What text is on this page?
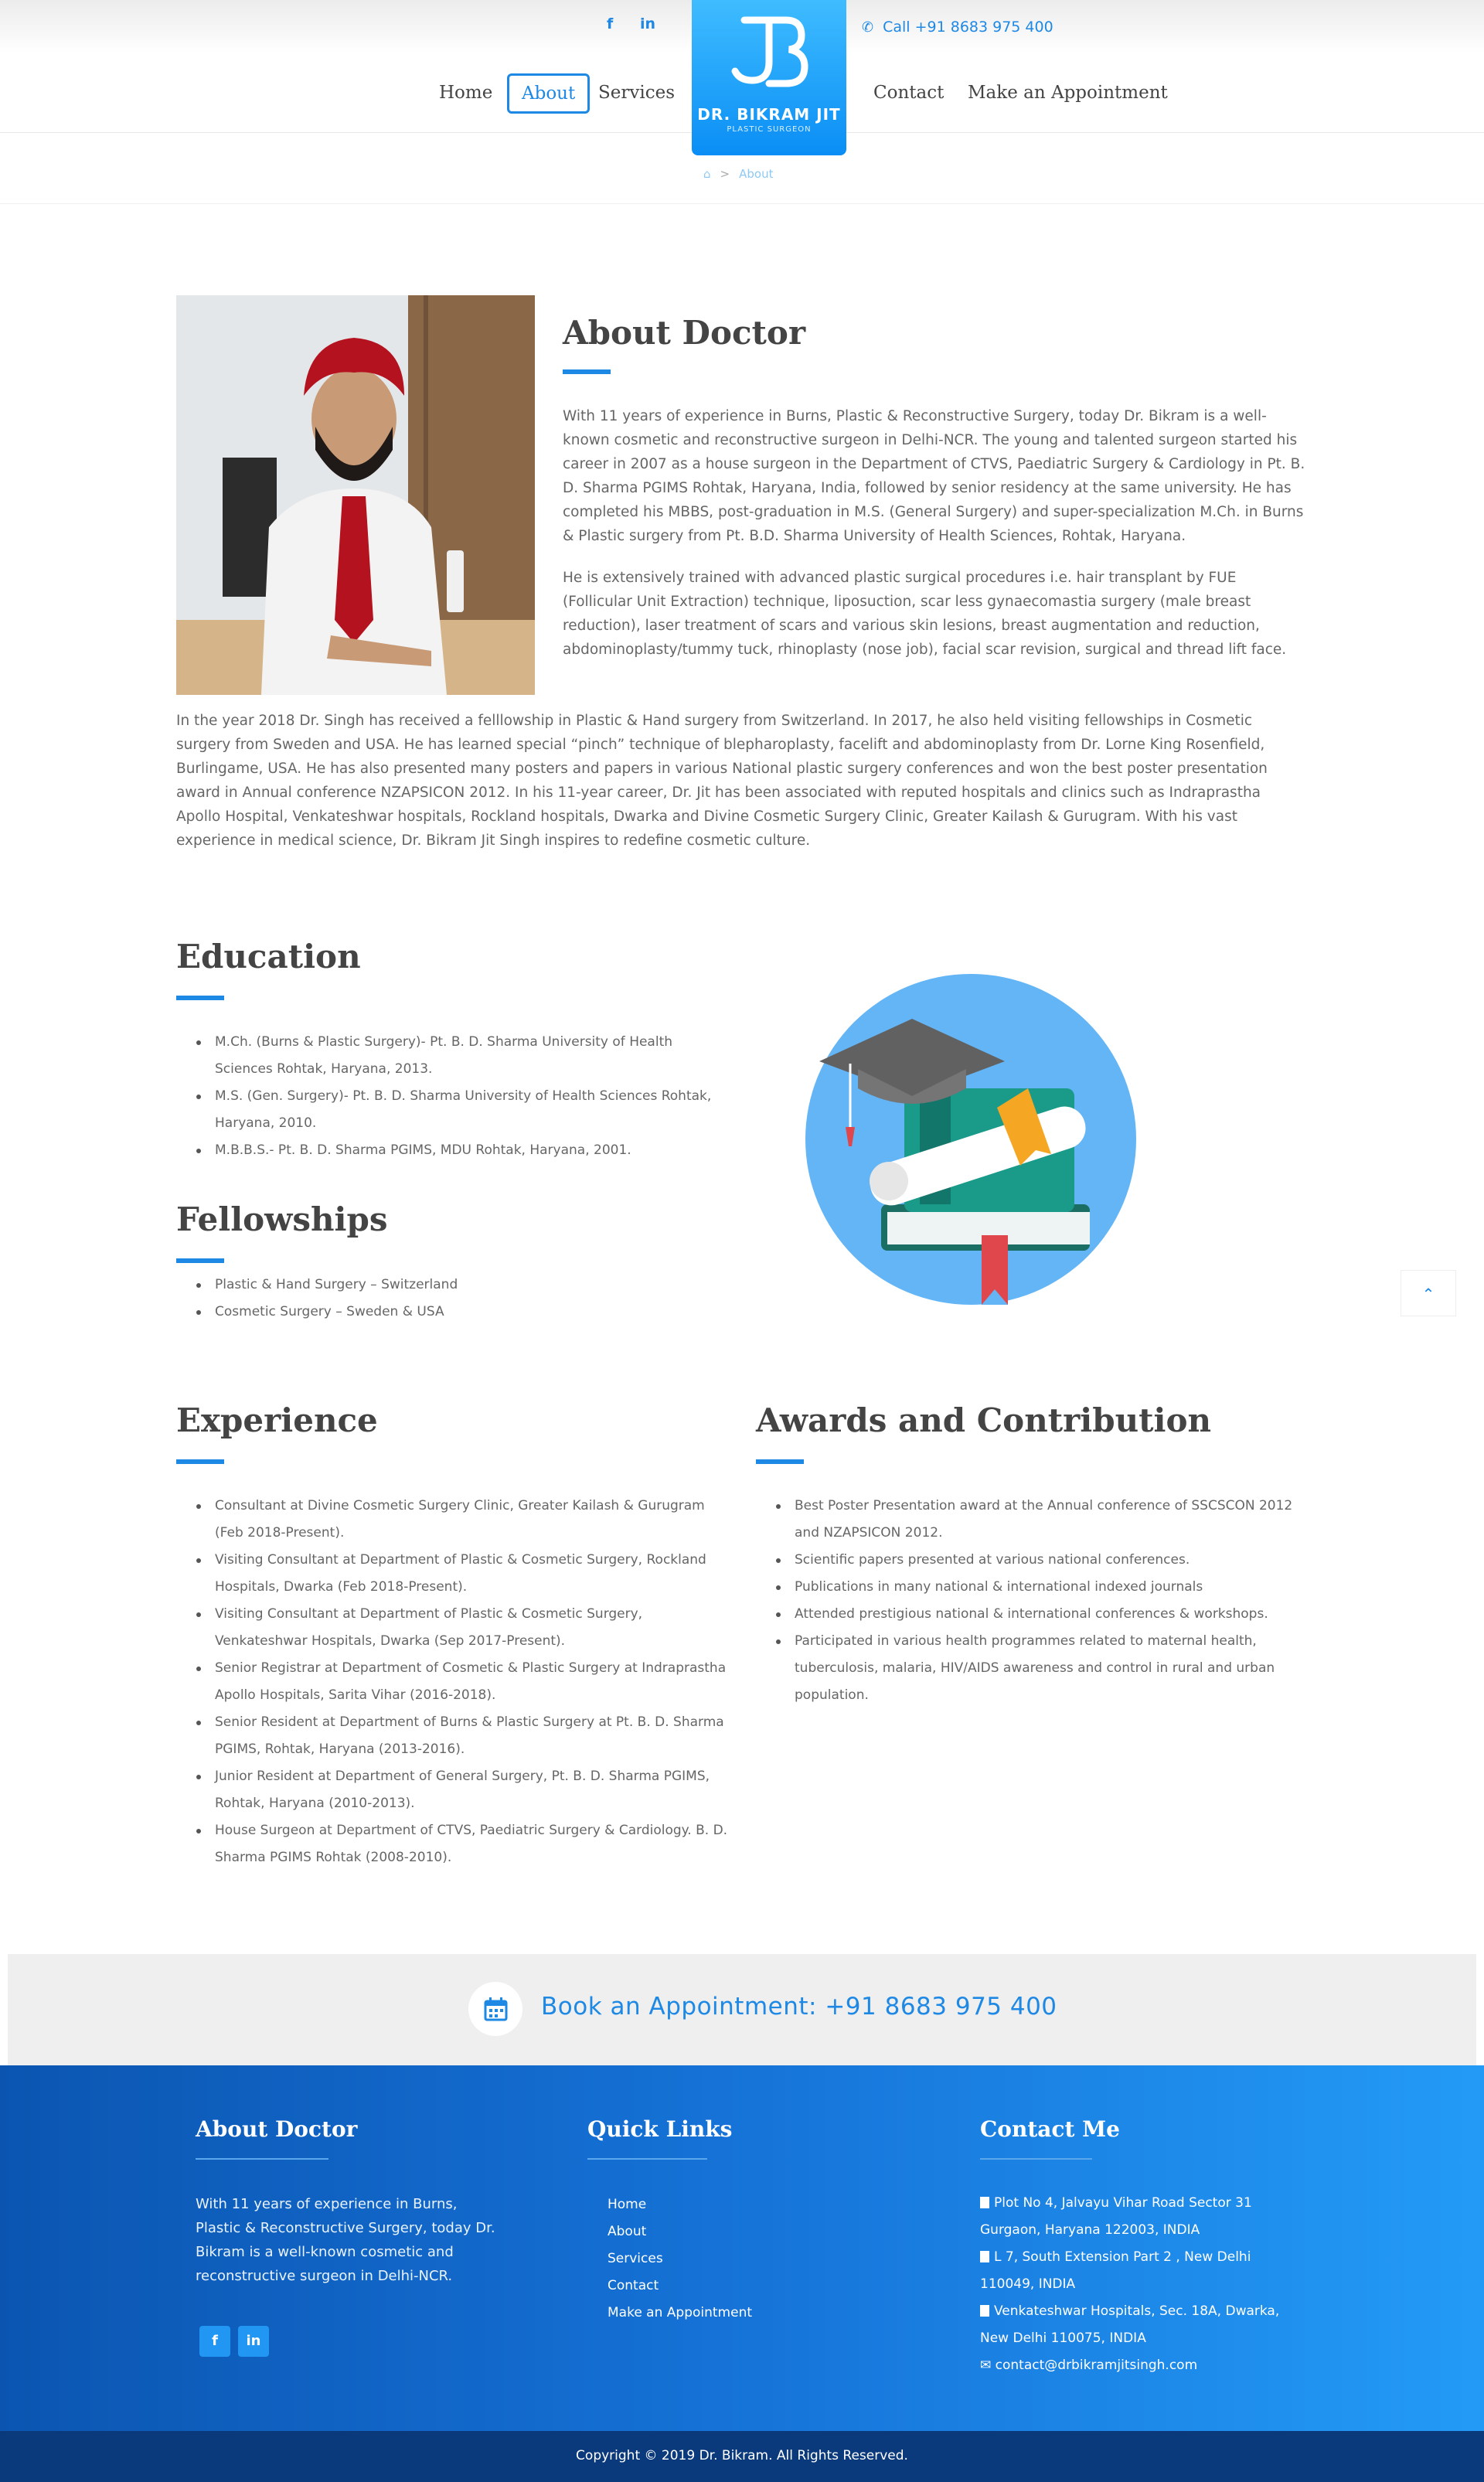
f in	✆ Call +91 8683 975 400
Home	About	Services	Contact Make an Appointment
DR. BIKRAM JIT
PLASTIC SURGEON
⌂ > About
About Doctor

With 11 years of experience in Burns, Plastic & Reconstructive Surgery, today Dr. Bikram is a well-known cosmetic and reconstructive surgeon in Delhi-NCR. The young and talented surgeon started his career in 2007 as a house surgeon in the Department of CTVS, Paediatric Surgery & Cardiology in Pt. B. D. Sharma PGIMS Rohtak, Haryana, India, followed by senior residency at the same university. He has completed his MBBS, post-graduation in M.S. (General Surgery) and super-specialization M.Ch. in Burns & Plastic surgery from Pt. B.D. Sharma University of Health Sciences, Rohtak, Haryana.

He is extensively trained with advanced plastic surgical procedures i.e. hair transplant by FUE (Follicular Unit Extraction) technique, liposuction, scar less gynaecomastia surgery (male breast reduction), laser treatment of scars and various skin lesions, breast augmentation and reduction, abdominoplasty/tummy tuck, rhinoplasty (nose job), facial scar revision, surgical and thread lift face.

In the year 2018 Dr. Singh has received a felllowship in Plastic & Hand surgery from Switzerland. In 2017, he also held visiting fellowships in Cosmetic surgery from Sweden and USA. He has learned special “pinch” technique of blepharoplasty, facelift and abdominoplasty from Dr. Lorne King Rosenfield, Burlingame, USA. He has also presented many posters and papers in various National plastic surgery conferences and won the best poster presentation award in Annual conference NZAPSICON 2012. In his 11-year career, Dr. Jit has been associated with reputed hospitals and clinics such as Indraprastha Apollo Hospital, Venkateshwar hospitals, Rockland hospitals, Dwarka and Divine Cosmetic Surgery Clinic, Greater Kailash & Gurugram. With his vast experience in medical science, Dr. Bikram Jit Singh inspires to redefine cosmetic culture.

Education
M.Ch. (Burns & Plastic Surgery)- Pt. B. D. Sharma University of Health Sciences Rohtak, Haryana, 2013.
M.S. (Gen. Surgery)- Pt. B. D. Sharma University of Health Sciences Rohtak, Haryana, 2010.
M.B.B.S.- Pt. B. D. Sharma PGIMS, MDU Rohtak, Haryana, 2001.
Fellowships
Plastic & Hand Surgery – Switzerland
Cosmetic Surgery – Sweden & USA
⌃
Experience
Consultant at Divine Cosmetic Surgery Clinic, Greater Kailash & Gurugram (Feb 2018-Present).
Visiting Consultant at Department of Plastic & Cosmetic Surgery, Rockland Hospitals, Dwarka (Feb 2018-Present).
Visiting Consultant at Department of Plastic & Cosmetic Surgery, Venkateshwar Hospitals, Dwarka (Sep 2017-Present).
Senior Registrar at Department of Cosmetic & Plastic Surgery at Indraprastha Apollo Hospitals, Sarita Vihar (2016-2018).
Senior Resident at Department of Burns & Plastic Surgery at Pt. B. D. Sharma PGIMS, Rohtak, Haryana (2013-2016).
Junior Resident at Department of General Surgery, Pt. B. D. Sharma PGIMS, Rohtak, Haryana (2010-2013).
House Surgeon at Department of CTVS, Paediatric Surgery & Cardiology. B. D. Sharma PGIMS Rohtak (2008-2010).
Awards and Contribution
Best Poster Presentation award at the Annual conference of SSCSCON 2012 and NZAPSICON 2012.
Scientific papers presented at various national conferences.
Publications in many national & international indexed journals
Attended prestigious national & international conferences & workshops.
Participated in various health programmes related to maternal health, tuberculosis, malaria, HIV/AIDS awareness and control in rural and urban population.
Book an Appointment: +91 8683 975 400
About Doctor

With 11 years of experience in Burns, Plastic & Reconstructive Surgery, today Dr. Bikram is a well-known cosmetic and reconstructive surgeon in Delhi-NCR.

f	in
Quick Links
Home
About
Services
Contact
Make an Appointment
Contact Me
Plot No 4, Jalvayu Vihar Road Sector 31 Gurgaon, Haryana 122003, INDIA
L 7, South Extension Part 2 , New Delhi 110049, INDIA
Venkateshwar Hospitals, Sec. 18A, Dwarka, New Delhi 110075, INDIA
✉ contact@drbikramjitsingh.com
Copyright © 2019 Dr. Bikram. All Rights Reserved.
